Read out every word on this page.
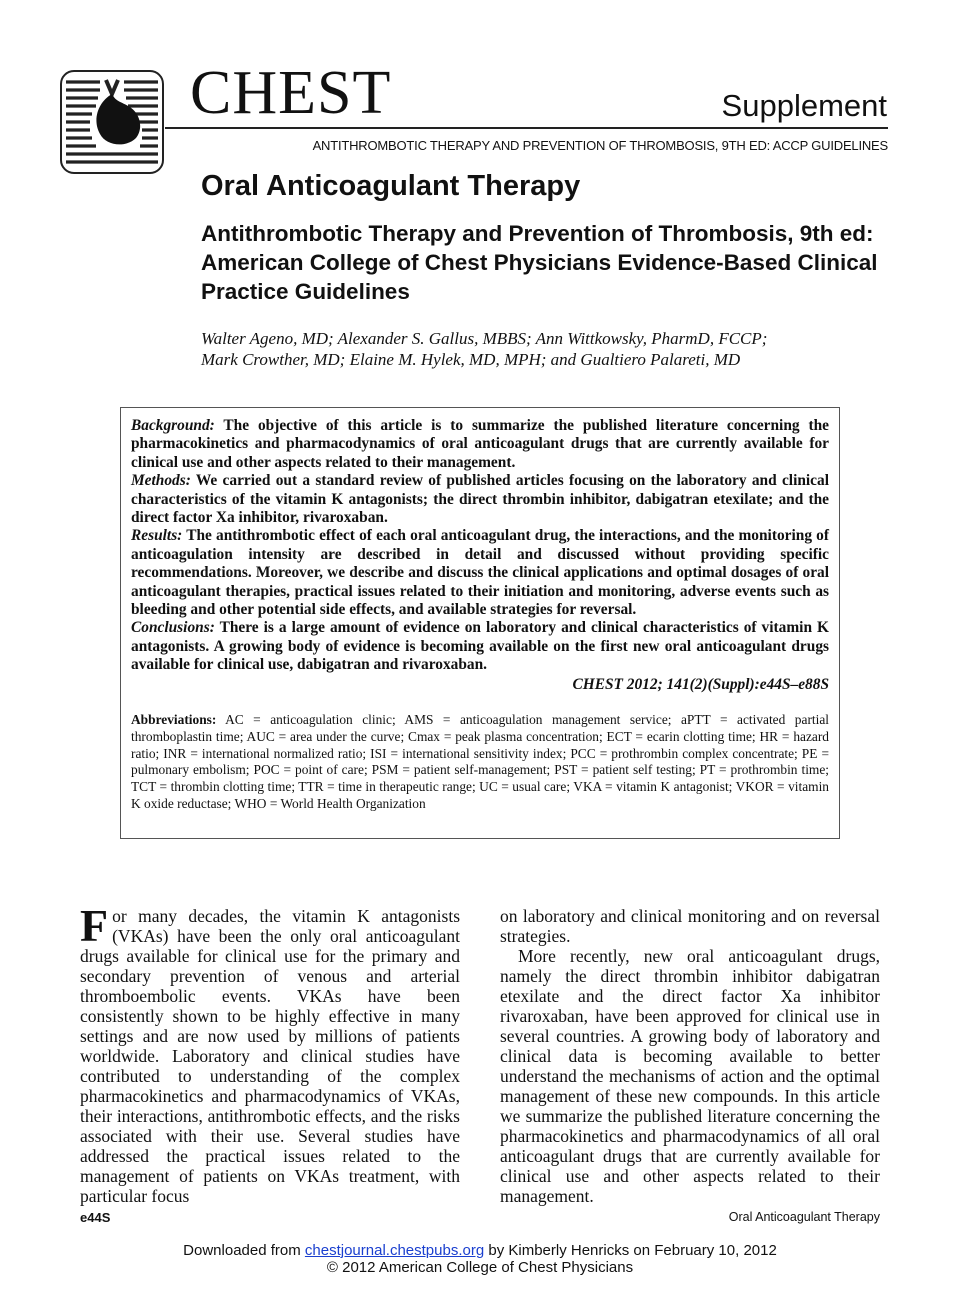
CHEST	Supplement
ANTITHROMBOTIC THERAPY AND PREVENTION OF THROMBOSIS, 9TH ED: ACCP GUIDELINES
Oral Anticoagulant Therapy
Antithrombotic Therapy and Prevention of Thrombosis, 9th ed: American College of Chest Physicians Evidence-Based Clinical Practice Guidelines
Walter Ageno, MD; Alexander S. Gallus, MBBS; Ann Wittkowsky, PharmD, FCCP;
Mark Crowther, MD; Elaine M. Hylek, MD, MPH; and Gualtiero Palareti, MD

Background: The objective of this article is to summarize the published literature concerning the pharmacokinetics and pharmacodynamics of oral anticoagulant drugs that are currently available for clinical use and other aspects related to their management.

Methods: We carried out a standard review of published articles focusing on the laboratory and clinical characteristics of the vitamin K antagonists; the direct thrombin inhibitor, dabigatran etexilate; and the direct factor Xa inhibitor, rivaroxaban.

Results: The antithrombotic effect of each oral anticoagulant drug, the interactions, and the monitoring of anticoagulation intensity are described in detail and discussed without providing specific recommendations. Moreover, we describe and discuss the clinical applications and optimal dosages of oral anticoagulant therapies, practical issues related to their initiation and monitoring, adverse events such as bleeding and other potential side effects, and available strategies for reversal.

Conclusions: There is a large amount of evidence on laboratory and clinical characteristics of vitamin K antagonists. A growing body of evidence is becoming available on the first new oral anticoagulant drugs available for clinical use, dabigatran and rivaroxaban.

CHEST 2012; 141(2)(Suppl):e44S–e88S

Abbreviations: AC = anticoagulation clinic; AMS = anticoagulation management service; aPTT = activated partial thromboplastin time; AUC = area under the curve; Cmax = peak plasma concentration; ECT = ecarin clotting time; HR = hazard ratio; INR = international normalized ratio; ISI = international sensitivity index; PCC = prothrombin complex concentrate; PE = pulmonary embolism; POC = point of care; PSM = patient self-management; PST = patient self testing; PT = prothrombin time; TCT = thrombin clotting time; TTR = time in therapeutic range; UC = usual care; VKA = vitamin K antagonist; VKOR = vitamin K oxide reductase; WHO = World Health Organization

For many decades, the vitamin K antagonists (VKAs) have been the only oral anticoagulant drugs available for clinical use for the primary and secondary prevention of venous and arterial thromboembolic events. VKAs have been consistently shown to be highly effective in many settings and are now used by millions of patients worldwide. Laboratory and clinical studies have contributed to understanding of the complex pharmacokinetics and pharmacodynamics of VKAs, their interactions, antithrombotic effects, and the risks associated with their use. Several studies have addressed the practical issues related to the management of patients on VKAs treatment, with particular focus

on laboratory and clinical monitoring and on reversal strategies.

More recently, new oral anticoagulant drugs, namely the direct thrombin inhibitor dabigatran etexilate and the direct factor Xa inhibitor rivaroxaban, have been approved for clinical use in several countries. A growing body of laboratory and clinical data is becoming available to better understand the mechanisms of action and the optimal management of these new compounds. In this article we summarize the published literature concerning the pharmacokinetics and pharmacodynamics of all oral anticoagulant drugs that are currently available for clinical use and other aspects related to their management.

e44S	Oral Anticoagulant Therapy
Downloaded from chestjournal.chestpubs.org by Kimberly Henricks on February 10, 2012
© 2012 American College of Chest Physicians
